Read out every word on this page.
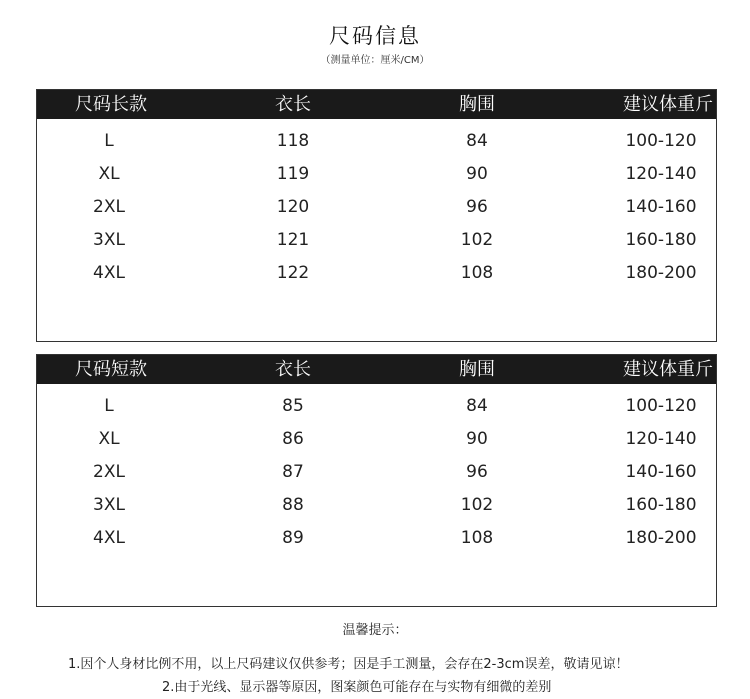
尺码信息
（测量单位：厘米/CM）
尺码长款	衣长	胸围	建议体重斤
L	118	84	100-120
XL	119	90	120-140
2XL	120	96	140-160
3XL	121	102	160-180
4XL	122	108	180-200
尺码短款	衣长	胸围	建议体重斤
L	85	84	100-120
XL	86	90	120-140
2XL	87	96	140-160
3XL	88	102	160-180
4XL	89	108	180-200
温馨提示：
1.因个人身材比例不用，以上尺码建议仅供参考；因是手工测量，会存在2-3cm误差，敬请见谅！
2.由于光线、显示器等原因，图案颜色可能存在与实物有细微的差别
